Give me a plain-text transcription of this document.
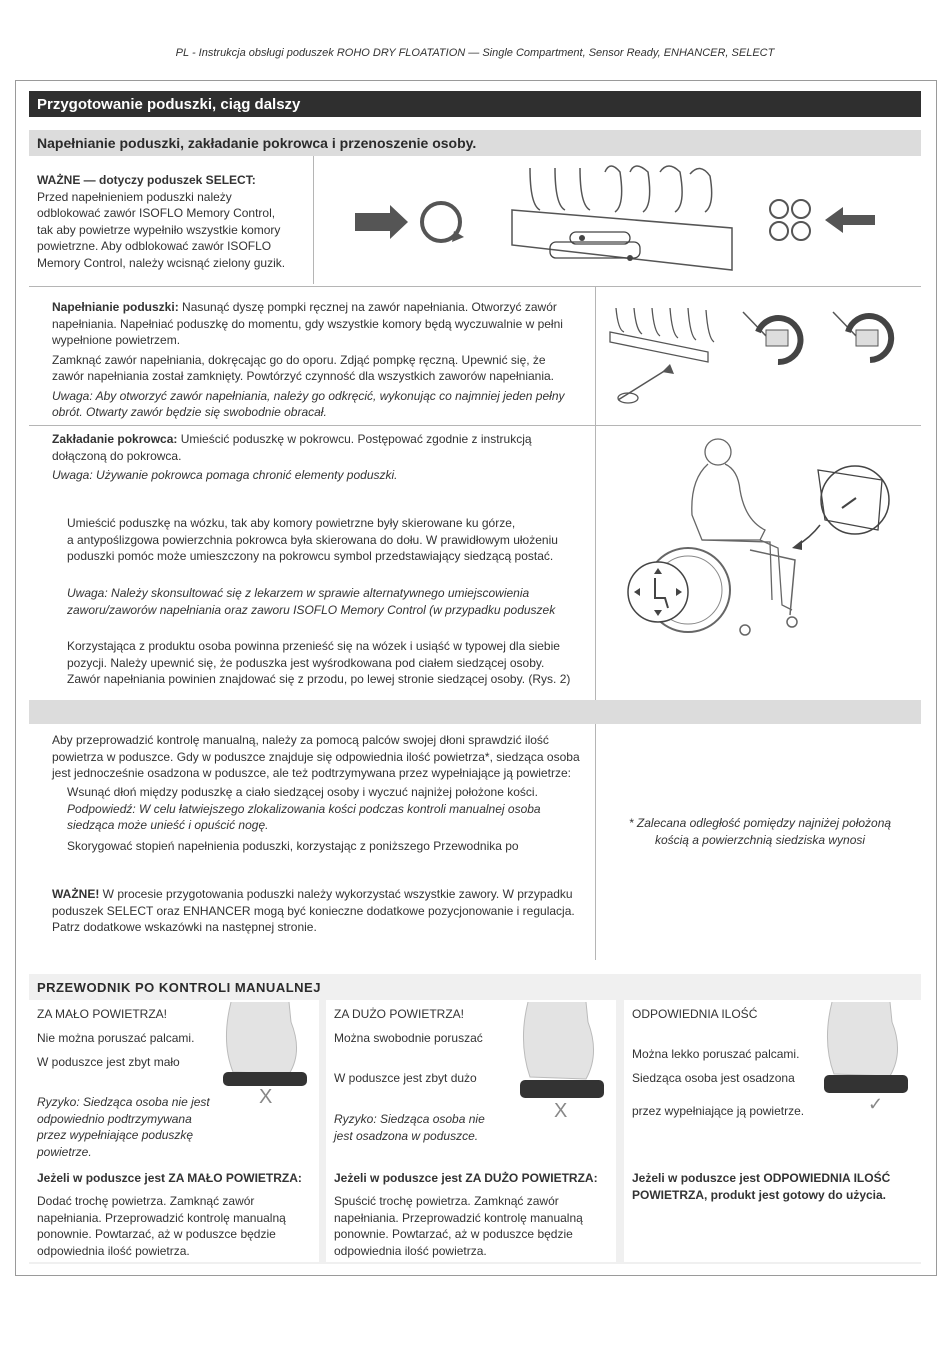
PL - Instrukcja obsługi poduszek ROHO DRY FLOATATION — Single Compartment, Sensor Ready, ENHANCER, SELECT
Przygotowanie poduszki, ciąg dalszy
Napełnianie poduszki, zakładanie pokrowca i przenoszenie osoby.
WAŻNE — dotyczy poduszek SELECT:
Przed napełnieniem poduszki należy
odblokować zawór ISOFLO Memory Control,
tak aby powietrze wypełniło wszystkie komory
powietrzne. Aby odblokować zawór ISOFLO
Memory Control, należy wcisnąć zielony guzik.

Napełnianie poduszki: Nasunąć dyszę pompki ręcznej na zawór napełniania. Otworzyć zawór
napełniania. Napełniać poduszkę do momentu, gdy wszystkie komory będą wyczuwalnie w pełni
wypełnione powietrzem.

Zamknąć zawór napełniania, dokręcając go do oporu. Zdjąć pompkę ręczną. Upewnić się, że
zawór napełniania został zamknięty. Powtórzyć czynność dla wszystkich zaworów napełniania.

Uwaga: Aby otworzyć zawór napełniania, należy go odkręcić, wykonując co najmniej jeden pełny
obrót. Otwarty zawór będzie się swobodnie obracał.

Zakładanie pokrowca: Umieścić poduszkę w pokrowcu. Postępować zgodnie z instrukcją
dołączoną do pokrowca.

Uwaga: Używanie pokrowca pomaga chronić elementy poduszki.

Umieścić poduszkę na wózku, tak aby komory powietrzne były skierowane ku górze,
a antypoślizgowa powierzchnia pokrowca była skierowana do dołu. W prawidłowym ułożeniu
poduszki pomóc może umieszczony na pokrowcu symbol przedstawiający siedzącą postać.
Uwaga: Należy skonsultować się z lekarzem w sprawie alternatywnego umiejscowienia
zaworu/zaworów napełniania oraz zaworu ISOFLO Memory Control (w przypadku poduszek
Korzystająca z produktu osoba powinna przenieść się na wózek i usiąść w typowej dla siebie
pozycji. Należy upewnić się, że poduszka jest wyśrodkowana pod ciałem siedzącej osoby.
Zawór napełniania powinien znajdować się z przodu, po lewej stronie siedzącej osoby. (Rys. 2)
Aby przeprowadzić kontrolę manualną, należy za pomocą palców swojej dłoni sprawdzić ilość
powietrza w poduszce. Gdy w poduszce znajduje się odpowiednia ilość powietrza*, siedząca osoba
jest jednocześnie osadzona w poduszce, ale też podtrzymywana przez wypełniające ją powietrze:
Wsunąć dłoń między poduszkę a ciało siedzącej osoby i wyczuć najniżej położone kości.
Podpowiedź: W celu łatwiejszego zlokalizowania kości podczas kontroli manualnej osoba
siedząca może unieść i opuścić nogę.
Skorygować stopień napełnienia poduszki, korzystając z poniższego Przewodnika po
* Zalecana odległość pomiędzy najniżej położoną
kością a powierzchnią siedziska wynosi
WAŻNE! W procesie przygotowania poduszki należy wykorzystać wszystkie zawory. W przypadku
poduszek SELECT oraz ENHANCER mogą być konieczne dodatkowe pozycjonowanie i regulacja.
Patrz dodatkowe wskazówki na następnej stronie.
PRZEWODNIK PO KONTROLI MANUALNEJ
ZA MAŁO POWIETRZA!
Nie można poruszać palcami.
W poduszce jest zbyt mało
Ryzyko: Siedząca osoba nie jest
odpowiednio podtrzymywana
przez wypełniające poduszkę
powietrze.
X
Jeżeli w poduszce jest ZA MAŁO POWIETRZA:
Dodać trochę powietrza. Zamknąć zawór
napełniania. Przeprowadzić kontrolę manualną
ponownie. Powtarzać, aż w poduszce będzie
odpowiednia ilość powietrza.
ZA DUŻO POWIETRZA!
Można swobodnie poruszać
W poduszce jest zbyt dużo
Ryzyko: Siedząca osoba nie
jest osadzona w poduszce.
X
Jeżeli w poduszce jest ZA DUŻO POWIETRZA:
Spuścić trochę powietrza. Zamknąć zawór
napełniania. Przeprowadzić kontrolę manualną
ponownie. Powtarzać, aż w poduszce będzie
odpowiednia ilość powietrza.
ODPOWIEDNIA ILOŚĆ
Można lekko poruszać palcami.
Siedząca osoba jest osadzona
przez wypełniające ją powietrze.	✓
Jeżeli w poduszce jest ODPOWIEDNIA ILOŚĆ
POWIETRZA, produkt jest gotowy do użycia.
